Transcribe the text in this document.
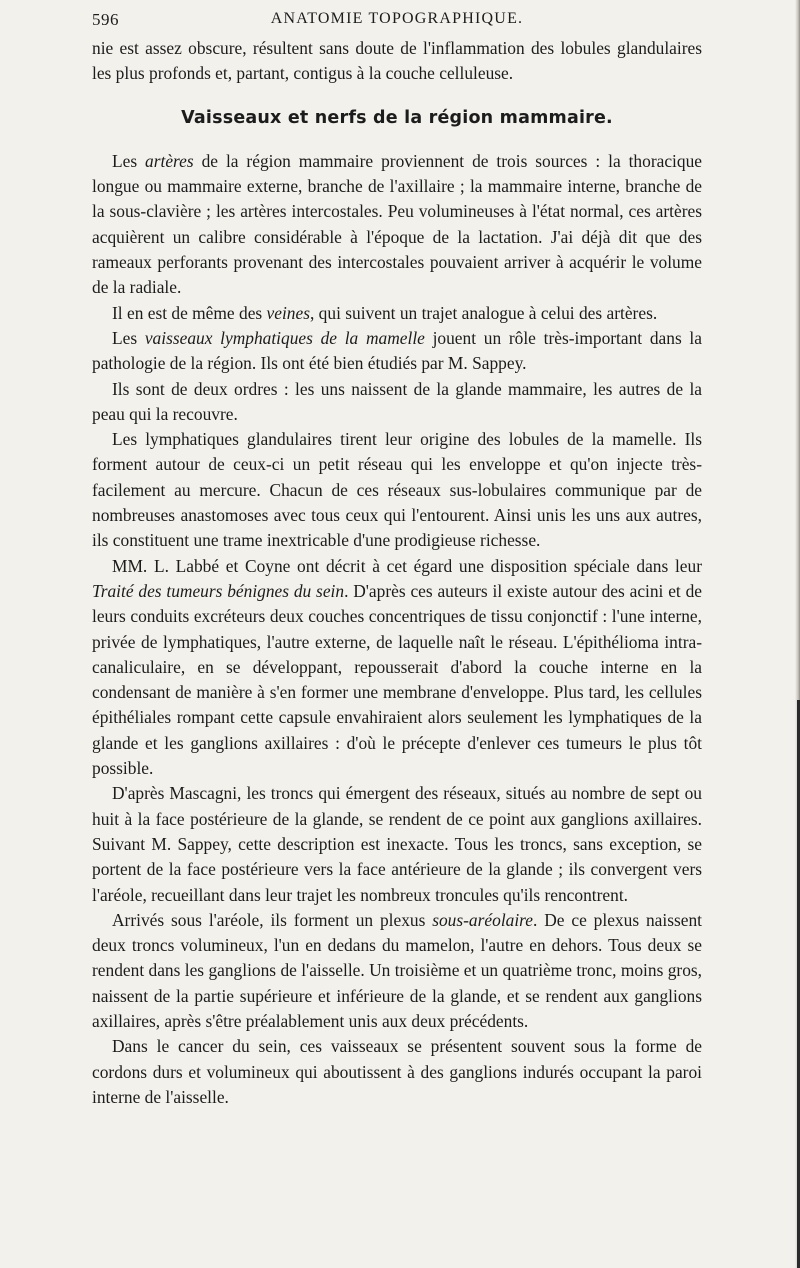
596	ANATOMIE TOPOGRAPHIQUE.

nie est assez obscure, résultent sans doute de l'inflammation des lobules glandulaires les plus profonds et, partant, contigus à la couche celluleuse.

Vaisseaux et nerfs de la région mammaire.

Les artères de la région mammaire proviennent de trois sources : la thoracique longue ou mammaire externe, branche de l'axillaire ; la mammaire interne, branche de la sous-clavière ; les artères intercostales. Peu volumineuses à l'état normal, ces artères acquièrent un calibre considérable à l'époque de la lactation. J'ai déjà dit que des rameaux perforants provenant des intercostales pouvaient arriver à acquérir le volume de la radiale.

Il en est de même des veines, qui suivent un trajet analogue à celui des artères.

Les vaisseaux lymphatiques de la mamelle jouent un rôle très-important dans la pathologie de la région. Ils ont été bien étudiés par M. Sappey.

Ils sont de deux ordres : les uns naissent de la glande mammaire, les autres de la peau qui la recouvre.

Les lymphatiques glandulaires tirent leur origine des lobules de la mamelle. Ils forment autour de ceux-ci un petit réseau qui les enveloppe et qu'on injecte très-facilement au mercure. Chacun de ces réseaux sus-lobulaires communique par de nombreuses anastomoses avec tous ceux qui l'entourent. Ainsi unis les uns aux autres, ils constituent une trame inextricable d'une prodigieuse richesse.

MM. L. Labbé et Coyne ont décrit à cet égard une disposition spéciale dans leur Traité des tumeurs bénignes du sein. D'après ces auteurs il existe autour des acini et de leurs conduits excréteurs deux couches concentriques de tissu conjonctif : l'une interne, privée de lymphatiques, l'autre externe, de laquelle naît le réseau. L'épithélioma intra-canaliculaire, en se développant, repousserait d'abord la couche interne en la condensant de manière à s'en former une membrane d'enveloppe. Plus tard, les cellules épithéliales rompant cette capsule envahiraient alors seulement les lymphatiques de la glande et les ganglions axillaires : d'où le précepte d'enlever ces tumeurs le plus tôt possible.

D'après Mascagni, les troncs qui émergent des réseaux, situés au nombre de sept ou huit à la face postérieure de la glande, se rendent de ce point aux ganglions axillaires. Suivant M. Sappey, cette description est inexacte. Tous les troncs, sans exception, se portent de la face postérieure vers la face antérieure de la glande ; ils convergent vers l'aréole, recueillant dans leur trajet les nombreux troncules qu'ils rencontrent.

Arrivés sous l'aréole, ils forment un plexus sous-aréolaire. De ce plexus naissent deux troncs volumineux, l'un en dedans du mamelon, l'autre en dehors. Tous deux se rendent dans les ganglions de l'aisselle. Un troisième et un quatrième tronc, moins gros, naissent de la partie supérieure et inférieure de la glande, et se rendent aux ganglions axillaires, après s'être préalablement unis aux deux précédents.

Dans le cancer du sein, ces vaisseaux se présentent souvent sous la forme de cordons durs et volumineux qui aboutissent à des ganglions indurés occupant la paroi interne de l'aisselle.
